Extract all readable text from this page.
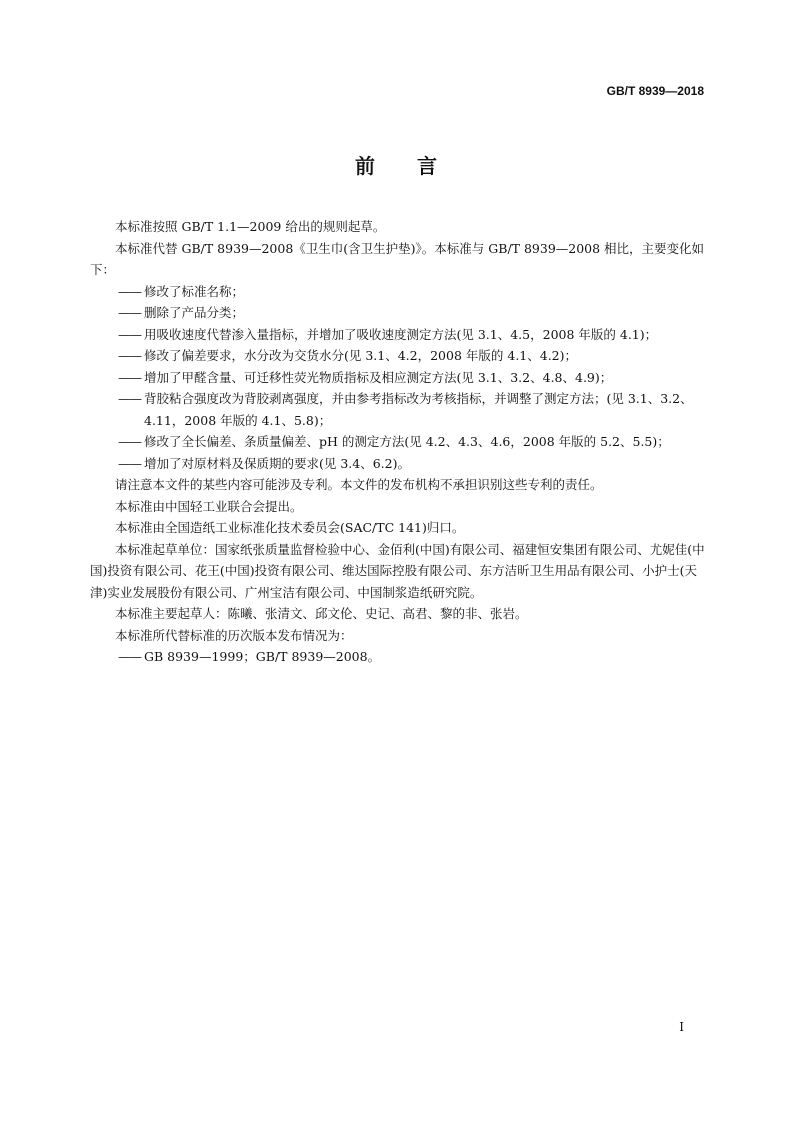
GB/T 8939—2018
前 言

本标准按照 GB/T 1.1—2009 给出的规则起草。

本标准代替 GB/T 8939—2008《卫生巾(含卫生护垫)》。本标准与 GB/T 8939—2008 相比，主要变化如下：

—— 修改了标准名称；

—— 删除了产品分类；

—— 用吸收速度代替渗入量指标，并增加了吸收速度测定方法(见 3.1、4.5，2008 年版的 4.1)；

—— 修改了偏差要求，水分改为交货水分(见 3.1、4.2，2008 年版的 4.1、4.2)；

—— 增加了甲醛含量、可迁移性荧光物质指标及相应测定方法(见 3.1、3.2、4.8、4.9)；

—— 背胶粘合强度改为背胶剥离强度，并由参考指标改为考核指标，并调整了测定方法；(见 3.1、3.2、4.11，2008 年版的 4.1、5.8)；

—— 修改了全长偏差、条质量偏差、pH 的测定方法(见 4.2、4.3、4.6，2008 年版的 5.2、5.5)；

—— 增加了对原材料及保质期的要求(见 3.4、6.2)。

请注意本文件的某些内容可能涉及专利。本文件的发布机构不承担识别这些专利的责任。

本标准由中国轻工业联合会提出。

本标准由全国造纸工业标准化技术委员会(SAC/TC 141)归口。

本标准起草单位：国家纸张质量监督检验中心、金佰利(中国)有限公司、福建恒安集团有限公司、尤妮佳(中国)投资有限公司、花王(中国)投资有限公司、维达国际控股有限公司、东方洁昕卫生用品有限公司、小护士(天津)实业发展股份有限公司、广州宝洁有限公司、中国制浆造纸研究院。

本标准主要起草人：陈曦、张清文、邱文伦、史记、高君、黎的非、张岩。

本标准所代替标准的历次版本发布情况为：

—— GB 8939—1999；GB/T 8939—2008。

I
